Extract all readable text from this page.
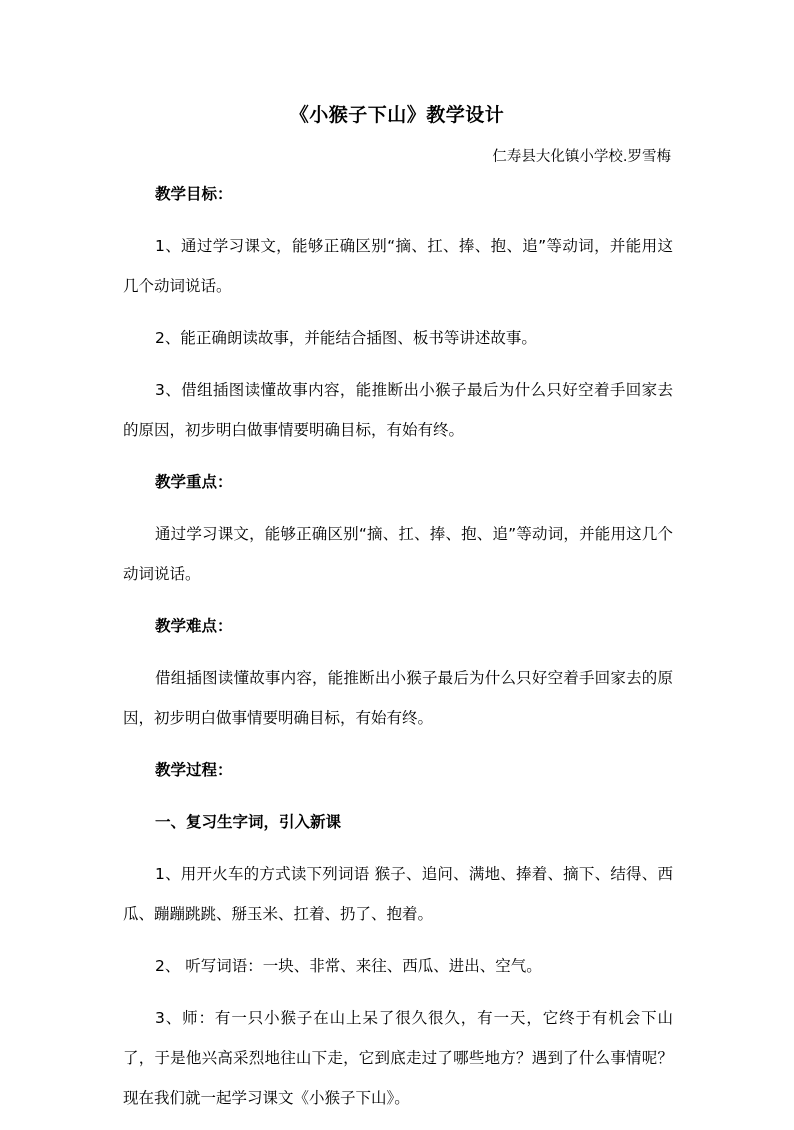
《小猴子下山》教学设计
仁寿县大化镇小学校.罗雪梅

教学目标：

1、通过学习课文，能够正确区别“摘、扛、捧、抱、追”等动词，并能用这几个动词说话。

2、能正确朗读故事，并能结合插图、板书等讲述故事。

3、借组插图读懂故事内容，能推断出小猴子最后为什么只好空着手回家去的原因，初步明白做事情要明确目标，有始有终。

教学重点：

通过学习课文，能够正确区别“摘、扛、捧、抱、追”等动词，并能用这几个动词说话。

教学难点：

借组插图读懂故事内容，能推断出小猴子最后为什么只好空着手回家去的原因，初步明白做事情要明确目标，有始有终。

教学过程：

一、复习生字词，引入新课

1、用开火车的方式读下列词语 猴子、追问、满地、捧着、摘下、结得、西瓜、蹦蹦跳跳、掰玉米、扛着、扔了、抱着。

2、 听写词语：一块、非常、来往、西瓜、进出、空气。

3、师：有一只小猴子在山上呆了很久很久，有一天，它终于有机会下山了，于是他兴高采烈地往山下走，它到底走过了哪些地方？遇到了什么事情呢？现在我们就一起学习课文《小猴子下山》。
